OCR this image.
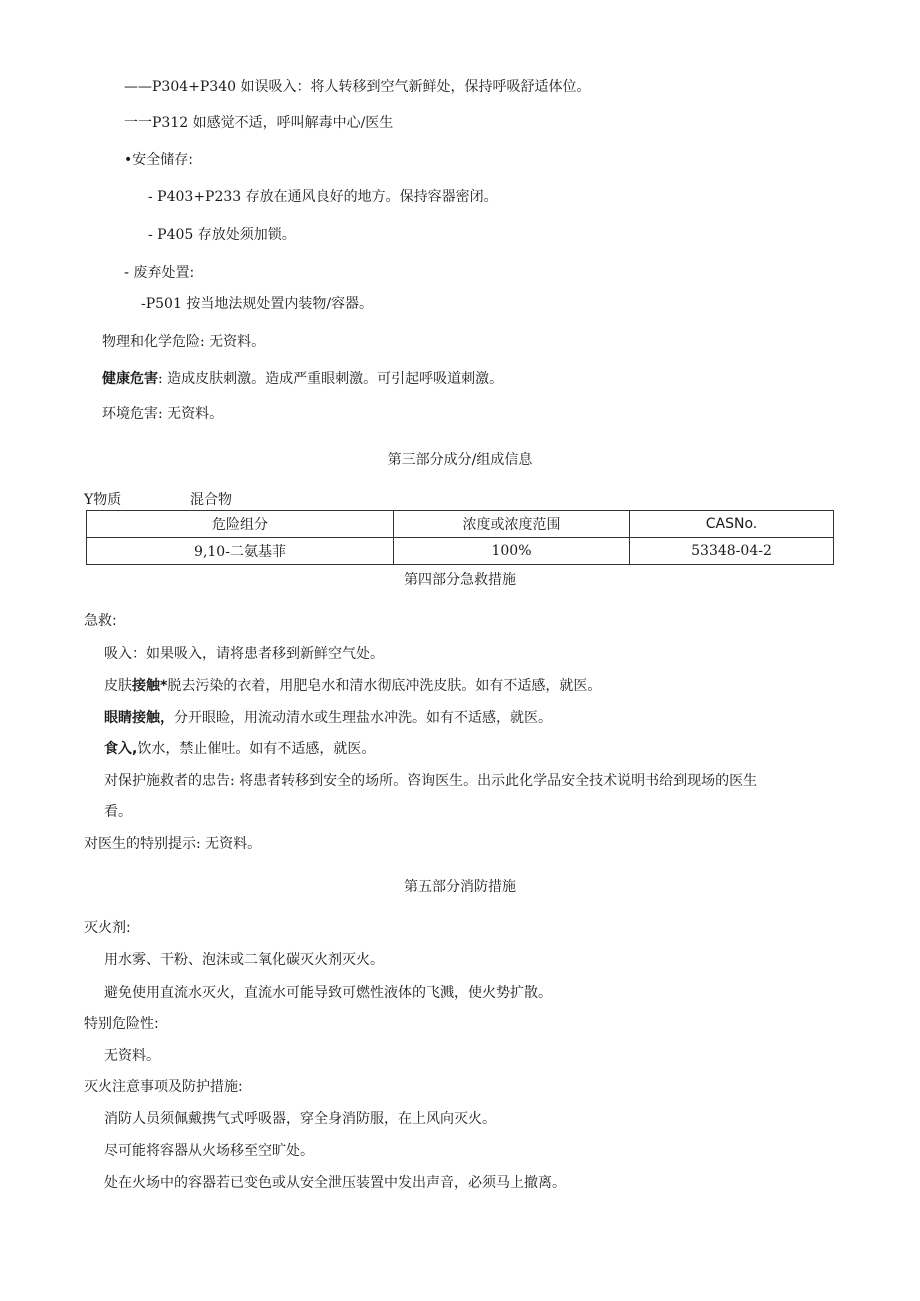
——P304+P340 如误吸入：将人转移到空气新鲜处，保持呼吸舒适体位。
一一P312 如感觉不适，呼叫解毒中心/医生
•安全储存:
- P403+P233 存放在通风良好的地方。保持容器密闭。
- P405 存放处须加锁。
- 废弃处置:
-P501 按当地法规处置内装物/容器。
物理和化学危险: 无资料。
健康危害: 造成皮肤刺激。造成严重眼刺激。可引起呼吸道刺激。
环境危害: 无资料。
第三部分成分/组成信息
Y物质	混合物
危险组分	浓度或浓度范围	CASNo.
9,10-二氨基菲	100%	53348-04-2
第四部分急救措施
急救:
吸入：如果吸入，请将患者移到新鲜空气处。
皮肤接触*脱去污染的衣着，用肥皂水和清水彻底冲洗皮肤。如有不适感，就医。
眼睛接触，分开眼睑，用流动清水或生理盐水冲洗。如有不适感，就医。
食入,饮水，禁止催吐。如有不适感，就医。
对保护施救者的忠告: 将患者转移到安全的场所。咨询医生。出示此化学品安全技术说明书给到现场的医生
看。
对医生的特别提示: 无资料。
第五部分消防措施
灭火剂:
用水雾、干粉、泡沫或二氧化碳灭火剂灭火。
避免使用直流水灭火，直流水可能导致可燃性液体的飞溅，使火势扩散。
特别危险性:
无资料。
灭火注意事项及防护措施:
消防人员须佩戴携气式呼吸器，穿全身消防服，在上风向灭火。
尽可能将容器从火场移至空旷处。
处在火场中的容器若已变色或从安全泄压装置中发出声音，必须马上撤离。
